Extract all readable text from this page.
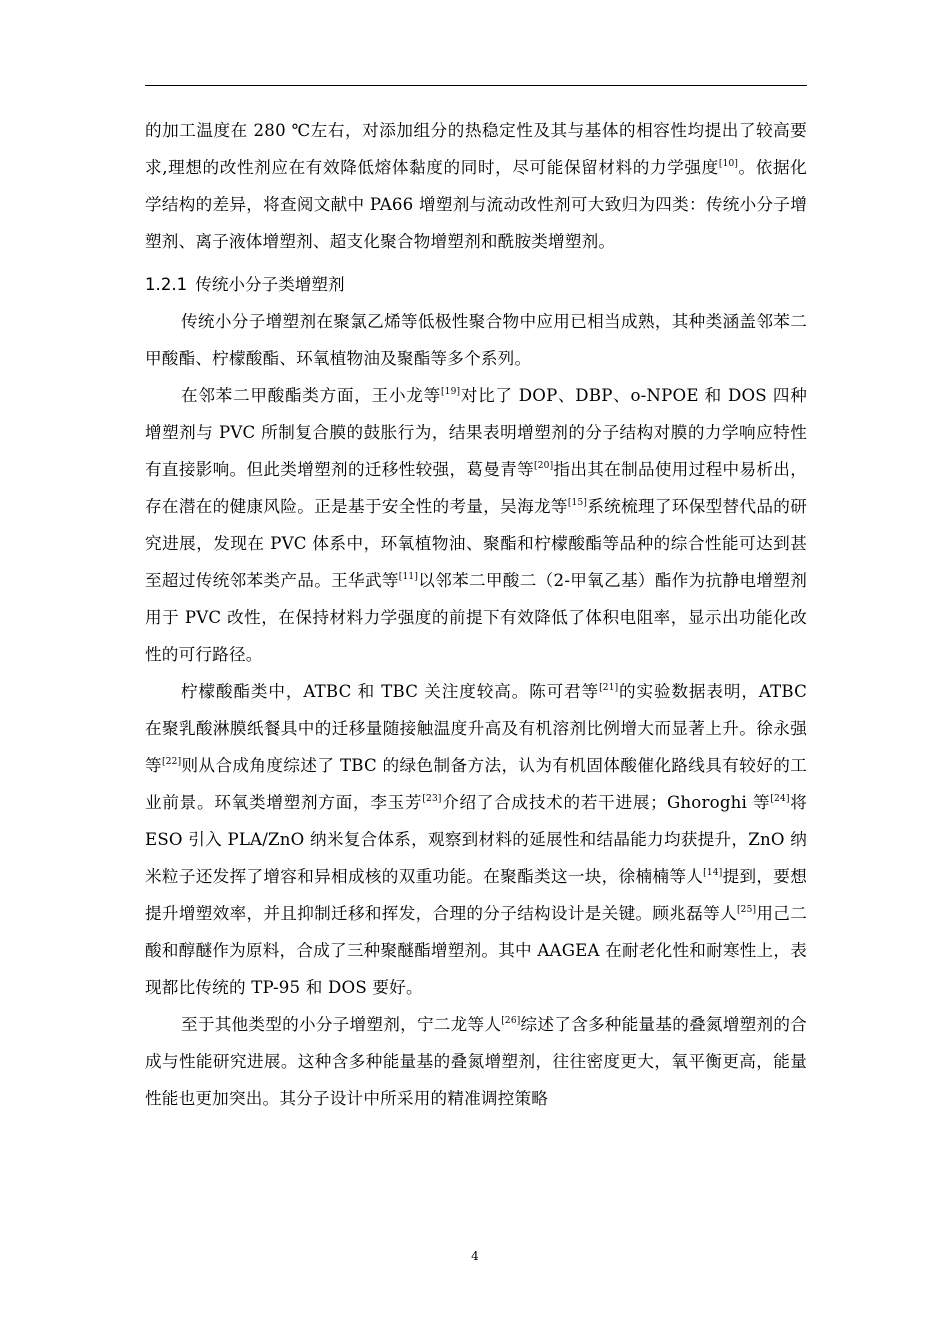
的加工温度在 280 ℃左右，对添加组分的热稳定性及其与基体的相容性均提出了较高要求,理想的改性剂应在有效降低熔体黏度的同时，尽可能保留材料的力学强度[10]。依据化学结构的差异，将查阅文献中 PA66 增塑剂与流动改性剂可大致归为四类：传统小分子增塑剂、离子液体增塑剂、超支化聚合物增塑剂和酰胺类增塑剂。

1.2.1 传统小分子类增塑剂

传统小分子增塑剂在聚氯乙烯等低极性聚合物中应用已相当成熟，其种类涵盖邻苯二甲酸酯、柠檬酸酯、环氧植物油及聚酯等多个系列。

在邻苯二甲酸酯类方面，王小龙等[19]对比了 DOP、DBP、o-NPOE 和 DOS 四种增塑剂与 PVC 所制复合膜的鼓胀行为，结果表明增塑剂的分子结构对膜的力学响应特性有直接影响。但此类增塑剂的迁移性较强，葛曼青等[20]指出其在制品使用过程中易析出，存在潜在的健康风险。正是基于安全性的考量，吴海龙等[15]系统梳理了环保型替代品的研究进展，发现在 PVC 体系中，环氧植物油、聚酯和柠檬酸酯等品种的综合性能可达到甚至超过传统邻苯类产品。王华武等[11]以邻苯二甲酸二（2-甲氧乙基）酯作为抗静电增塑剂用于 PVC 改性，在保持材料力学强度的前提下有效降低了体积电阻率，显示出功能化改性的可行路径。

柠檬酸酯类中，ATBC 和 TBC 关注度较高。陈可君等[21]的实验数据表明，ATBC 在聚乳酸淋膜纸餐具中的迁移量随接触温度升高及有机溶剂比例增大而显著上升。徐永强等[22]则从合成角度综述了 TBC 的绿色制备方法，认为有机固体酸催化路线具有较好的工业前景。环氧类增塑剂方面，李玉芳[23]介绍了合成技术的若干进展；Ghoroghi 等[24]将 ESO 引入 PLA/ZnO 纳米复合体系，观察到材料的延展性和结晶能力均获提升，ZnO 纳米粒子还发挥了增容和异相成核的双重功能。在聚酯类这一块，徐楠楠等人[14]提到，要想提升增塑效率，并且抑制迁移和挥发，合理的分子结构设计是关键。顾兆磊等人[25]用己二酸和醇醚作为原料，合成了三种聚醚酯增塑剂。其中 AAGEA 在耐老化性和耐寒性上，表现都比传统的 TP-95 和 DOS 要好。

至于其他类型的小分子增塑剂，宁二龙等人[26]综述了含多种能量基的叠氮增塑剂的合成与性能研究进展。这种含多种能量基的叠氮增塑剂，往往密度更大，氧平衡更高，能量性能也更加突出。其分子设计中所采用的精准调控策略

4
